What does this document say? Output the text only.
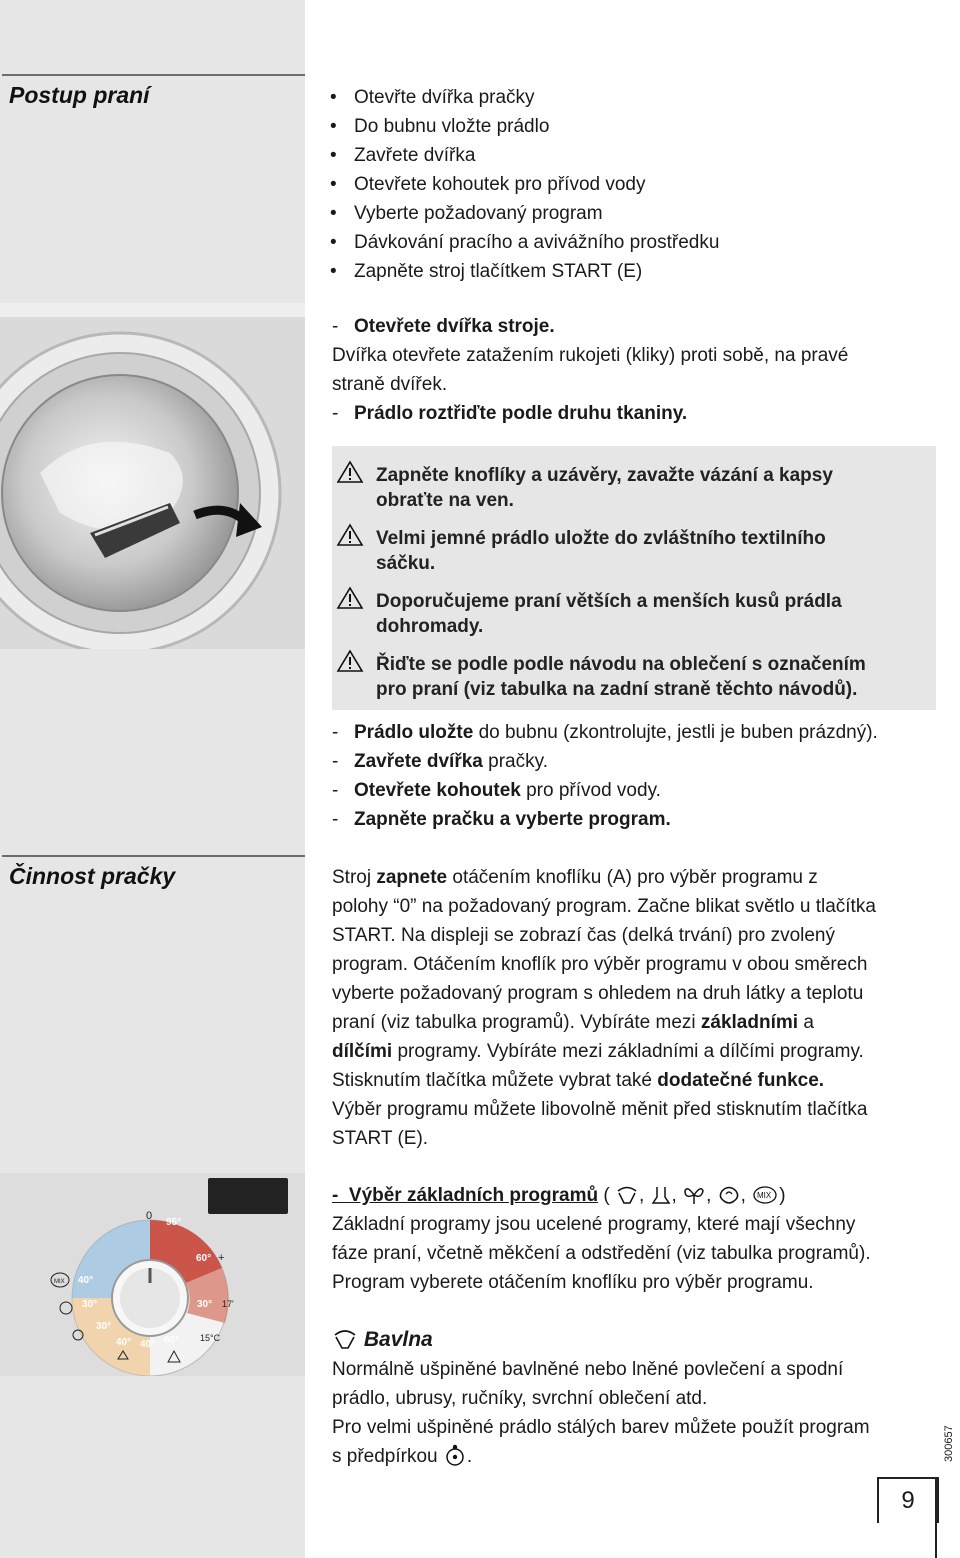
Postup praní
•	Otevřte dvířka pračky
• Do bubnu vložte prádlo
• Zavřete dvířka
• Otevřete kohoutek pro přívod vody
• Vyberte požadovaný program
• Dávkování pracího a avivážního prostředku
• Zapněte stroj tlačítkem START (E)
- Otevřete dvířka stroje.
Dvířka otevřete zatažením rukojeti (kliky) proti sobě, na pravé
straně dvířek.
- Prádlo roztřiďte podle druhu tkaniny.
Zapněte knoflíky a uzávěry, zavažte vázání a kapsy
obraťte na ven.
Velmi jemné prádlo uložte do zvláštního textilního
sáčku.
Doporučujeme praní větších a menších kusů prádla
dohromady.
Řiďte se podle podle návodu na oblečení s označením
pro praní (viz tabulka na zadní straně těchto návodů).
- Prádlo uložte do bubnu (zkontrolujte, jestli je buben prázdný).
- Zavřete dvířka pračky.
- Otevřete kohoutek pro přívod vody.
- Zapněte pračku a vyberte program.
Činnost pračky	Stroj zapnete otáčením knoflíku (A) pro výběr programu z
polohy “0” na požadovaný program. Začne blikat světlo u tlačítka
START. Na displeji se zobrazí čas (delká trvání) pro zvolený
program. Otáčením knoflík pro výběr programu v obou směrech
vyberte požadovaný program s ohledem na druh látky a teplotu
praní (viz tabulka programů). Vybíráte mezi základními a
dílčími programy. Vybíráte mezi základními a dílčími programy.
Stisknutím tlačítka můžete vybrat také dodatečné funkce.
Výběr programu můžete libovolně měnit před stisknutím tlačítka
START (E).
0
95°
60°
40°
30°
30°
40° 40° 60°
30° 17'
15°C
+
MIX
-  Výběr základních programů ( , , , , MIX )
Základní programy jsou ucelené programy, které mají všechny
fáze praní, včetně měkčení a odstředění (viz tabulka programů).
Program vyberete otáčením knoflíku pro výběr programu.
Bavlna
Normálně ušpiněné bavlněné nebo lněné povlečení a spodní
prádlo, ubrusy, ručníky, svrchní oblečení atd.
Pro velmi ušpiněné prádlo stálých barev můžete použít program
s předpírkou .	300657
9
